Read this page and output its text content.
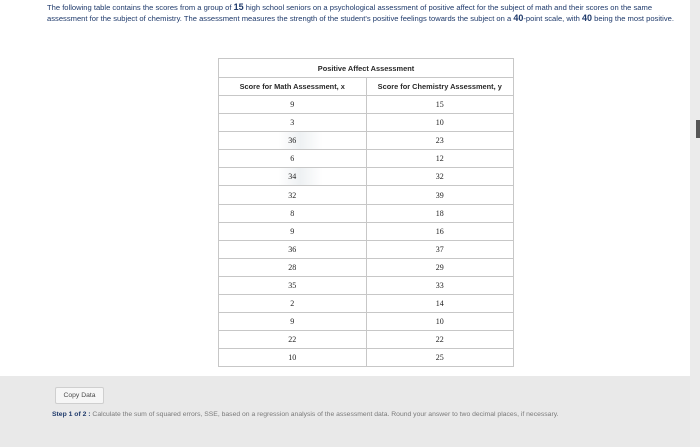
The following table contains the scores from a group of 15 high school seniors on a psychological assessment of positive affect for the subject of math and their scores on the same assessment for the subject of chemistry. The assessment measures the strength of the student's positive feelings towards the subject on a 40-point scale, with 40 being the most positive.
Positive Affect Assessment	
Score for Math Assessment, x	Score for Chemistry Assessment, y
9	15
3	10
36	23
6	12
34	32
32	39
8	18
9	16
36	37
28	29
35	33
2	14
9	10
22	22
10	25
Copy Data
Step 1 of 2 : Calculate the sum of squared errors, SSE, based on a regression analysis of the assessment data. Round your answer to two decimal places, if necessary.
